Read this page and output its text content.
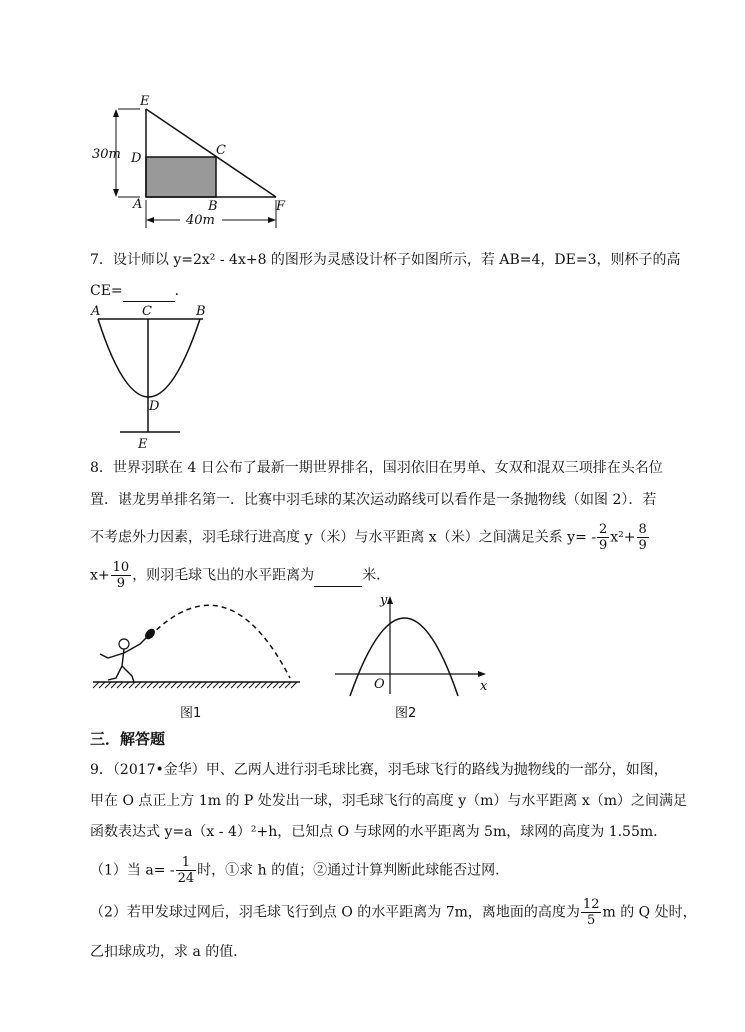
E
D
C
A	B	F
30m
40m
7．设计师以 y=2x² - 4x+8 的图形为灵感设计杯子如图所示，若 AB=4，DE=3，则杯子的高
CE=	．
A	C	B
D
E
8．世界羽联在 4 日公布了最新一期世界排名，国羽依旧在男单、女双和混双三项排在头名位
置．谌龙男单排名第一．比赛中羽毛球的某次运动路线可以看作是一条抛物线（如图 2）．若
不考虑外力因素，羽毛球行进高度 y（米）与水平距离 x（米）之间满足关系 $y= - \frac{2}{9} x^2+ \frac{8}{9}$
$x+ \frac{10}{9}$ ，则羽毛球飞出的水平距离为	米．
y
x
O
图1	图2
三．解答题
9．（2017•金华）甲、乙两人进行羽毛球比赛，羽毛球飞行的路线为抛物线的一部分，如图，
甲在 O 点正上方 1m 的 P 处发出一球，羽毛球飞行的高度 y（m）与水平距离 x（m）之间满足
函数表达式 y=a（x - 4）²+h，已知点 O 与球网的水平距离为 5m，球网的高度为 1.55m．
（1）当 $a= - \frac{1}{24}$ 时，①求 h 的值；②通过计算判断此球能否过网．
（2）若甲发球过网后，羽毛球飞行到点 O 的水平距离为 7m，离地面的高度为 $\frac{12}{5}$ m 的 Q 处时，
乙扣球成功，求 a 的值．
